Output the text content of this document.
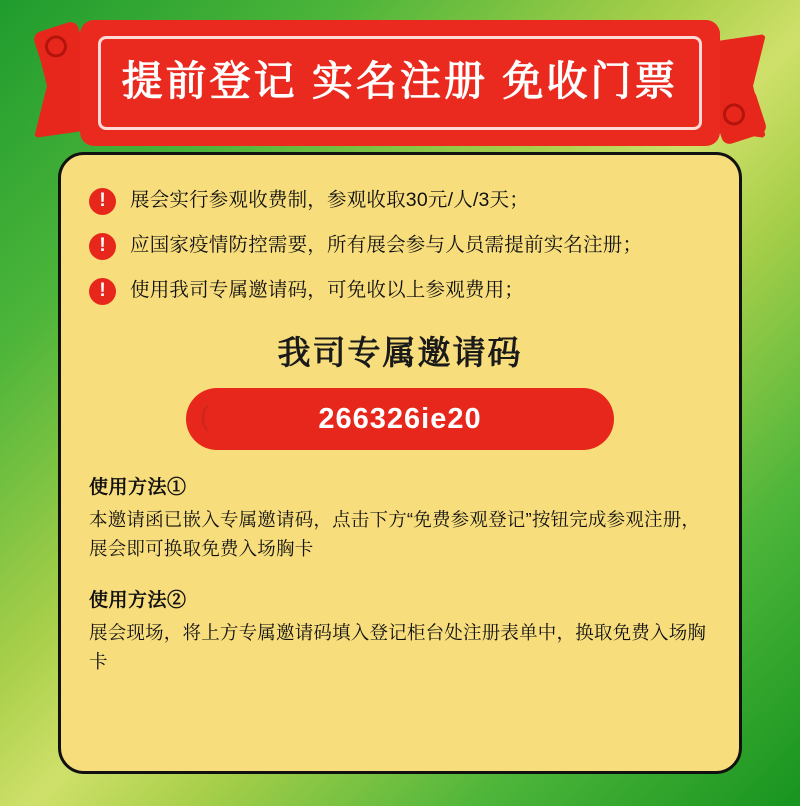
提前登记 实名注册 免收门票
!	展会实行参观收费制，参观收取30元/人/3天；
!	应国家疫情防控需要，所有展会参与人员需提前实名注册；
!	使用我司专属邀请码，可免收以上参观费用；
我司专属邀请码
( 266326ie20
使用方法①
本邀请函已嵌入专属邀请码，点击下方“免费参观登记”按钮完成参观注册，展会即可换取免费入场胸卡
使用方法②
展会现场，将上方专属邀请码填入登记柜台处注册表单中，换取免费入场胸卡
